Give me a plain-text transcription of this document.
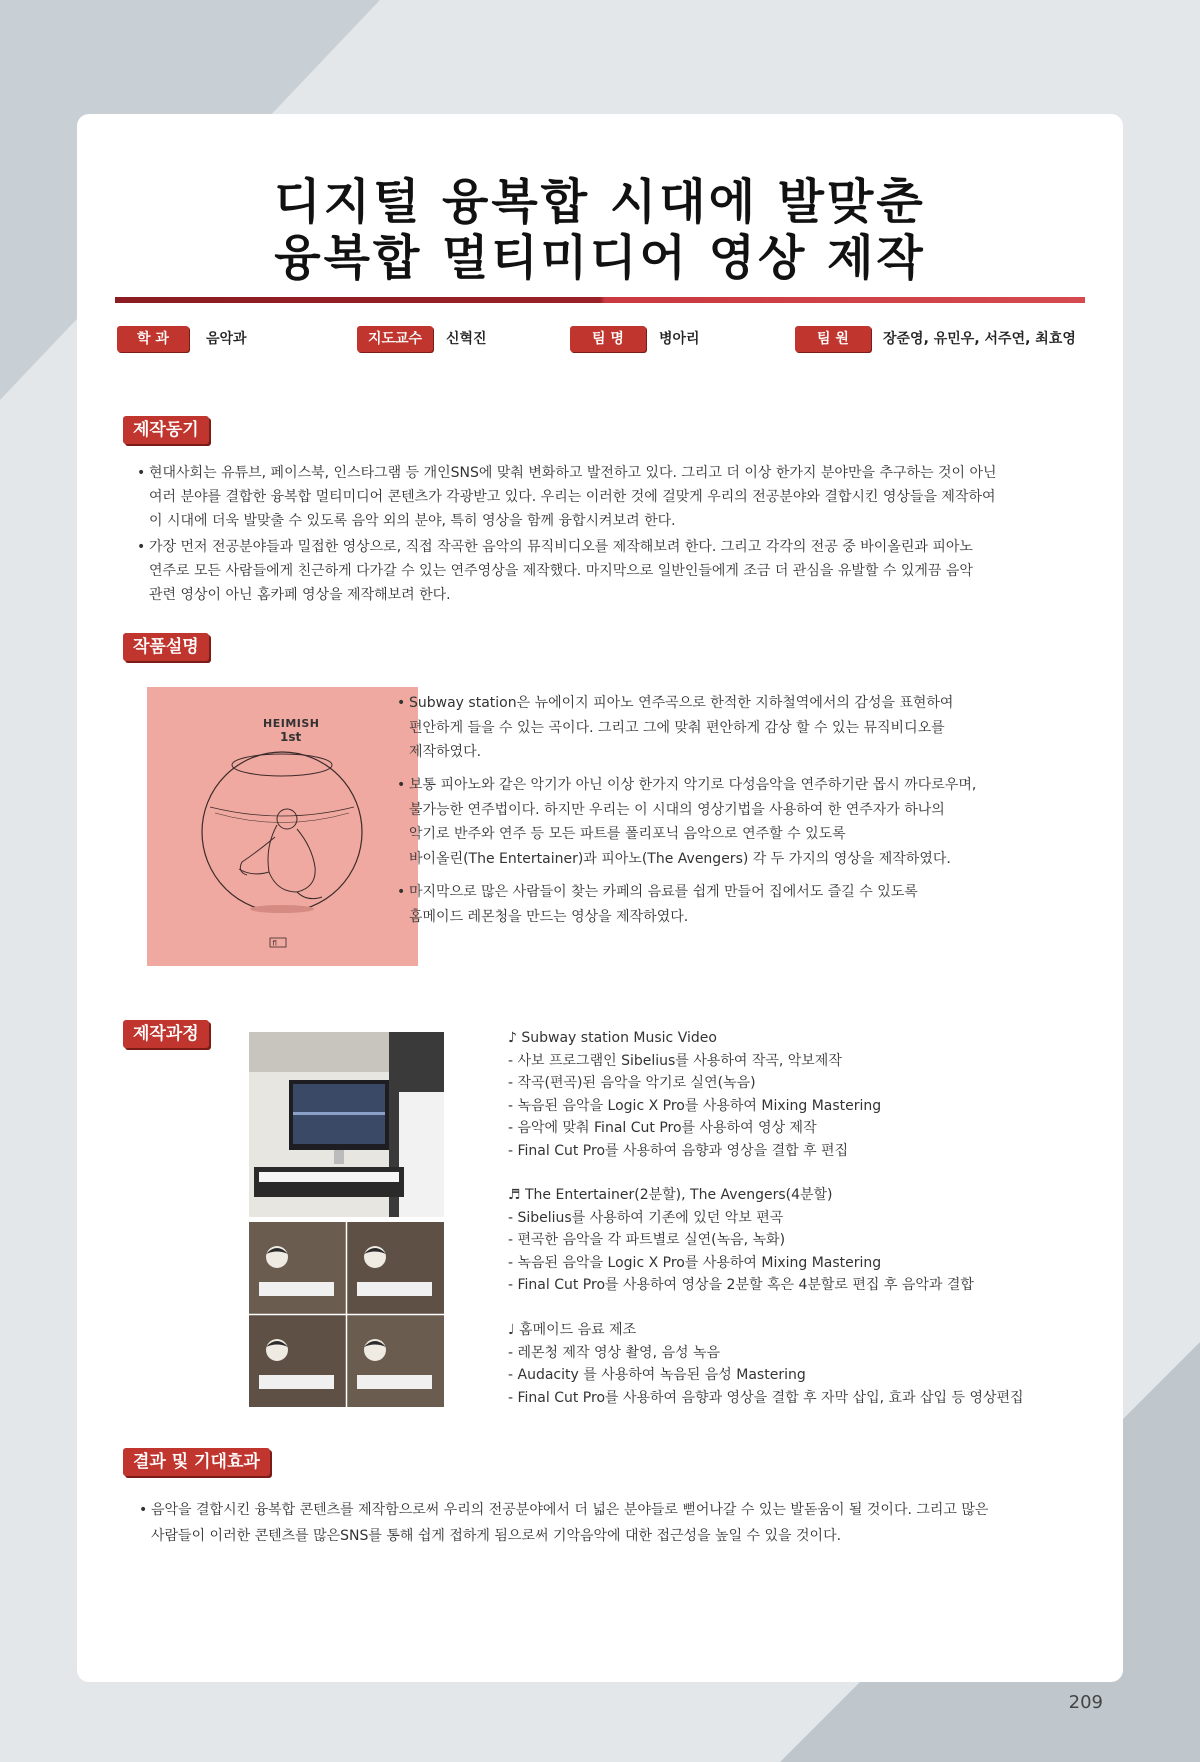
디지털 융복합 시대에 발맞춘
융복합 멀티미디어 영상 제작
학 과	음악과	지도교수	신혁진	팀 명	병아리	팀 원	장준영, 유민우, 서주연, 최효영
제작동기
• 현대사회는 유튜브, 페이스북, 인스타그램 등 개인SNS에 맞춰 변화하고 발전하고 있다. 그리고 더 이상 한가지 분야만을 추구하는 것이 아닌
여러 분야를 결합한 융복합 멀티미디어 콘텐츠가 각광받고 있다. 우리는 이러한 것에 걸맞게 우리의 전공분야와 결합시킨 영상들을 제작하여
이 시대에 더욱 발맞출 수 있도록 음악 외의 분야, 특히 영상을 함께 융합시켜보려 한다.
• 가장 먼저 전공분야들과 밀접한 영상으로, 직접 작곡한 음악의 뮤직비디오를 제작해보려 한다. 그리고 각각의 전공 중 바이올린과 피아노
연주로 모든 사람들에게 친근하게 다가갈 수 있는 연주영상을 제작했다. 마지막으로 일반인들에게 조금 더 관심을 유발할 수 있게끔 음악
관련 영상이 아닌 홈카페 영상을 제작해보려 한다.
작품설명
HEIMISH
1st
fl
• Subway station은 뉴에이지 피아노 연주곡으로 한적한 지하철역에서의 감성을 표현하여
편안하게 들을 수 있는 곡이다. 그리고 그에 맞춰 편안하게 감상 할 수 있는 뮤직비디오를
제작하였다.
• 보통 피아노와 같은 악기가 아닌 이상 한가지 악기로 다성음악을 연주하기란 몹시 까다로우며,
불가능한 연주법이다. 하지만 우리는 이 시대의 영상기법을 사용하여 한 연주자가 하나의
악기로 반주와 연주 등 모든 파트를 폴리포닉 음악으로 연주할 수 있도록
바이올린(The Entertainer)과 피아노(The Avengers) 각 두 가지의 영상을 제작하였다.
• 마지막으로 많은 사람들이 찾는 카페의 음료를 쉽게 만들어 집에서도 즐길 수 있도록
홈메이드 레몬청을 만드는 영상을 제작하였다.
제작과정	♪ Subway station Music Video
- 사보 프로그램인 Sibelius를 사용하여 작곡, 악보제작
- 작곡(편곡)된 음악을 악기로 실연(녹음)
- 녹음된 음악을 Logic X Pro를 사용하여 Mixing Mastering
- 음악에 맞춰 Final Cut Pro를 사용하여 영상 제작
- Final Cut Pro를 사용하여 음향과 영상을 결합 후 편집
♬ The Entertainer(2분할), The Avengers(4분할)
- Sibelius를 사용하여 기존에 있던 악보 편곡
- 편곡한 음악을 각 파트별로 실연(녹음, 녹화)
- 녹음된 음악을 Logic X Pro를 사용하여 Mixing Mastering
- Final Cut Pro를 사용하여 영상을 2분할 혹은 4분할로 편집 후 음악과 결합
♩ 홈메이드 음료 제조
- 레몬청 제작 영상 촬영, 음성 녹음
- Audacity 를 사용하여 녹음된 음성 Mastering
- Final Cut Pro를 사용하여 음향과 영상을 결합 후 자막 삽입, 효과 삽입 등 영상편집
결과 및 기대효과
• 음악을 결합시킨 융복합 콘텐츠를 제작함으로써 우리의 전공분야에서 더 넓은 분야들로 뻗어나갈 수 있는 발돋움이 될 것이다. 그리고 많은
사람들이 이러한 콘텐츠를 많은SNS를 통해 쉽게 접하게 됨으로써 기악음악에 대한 접근성을 높일 수 있을 것이다.
209
